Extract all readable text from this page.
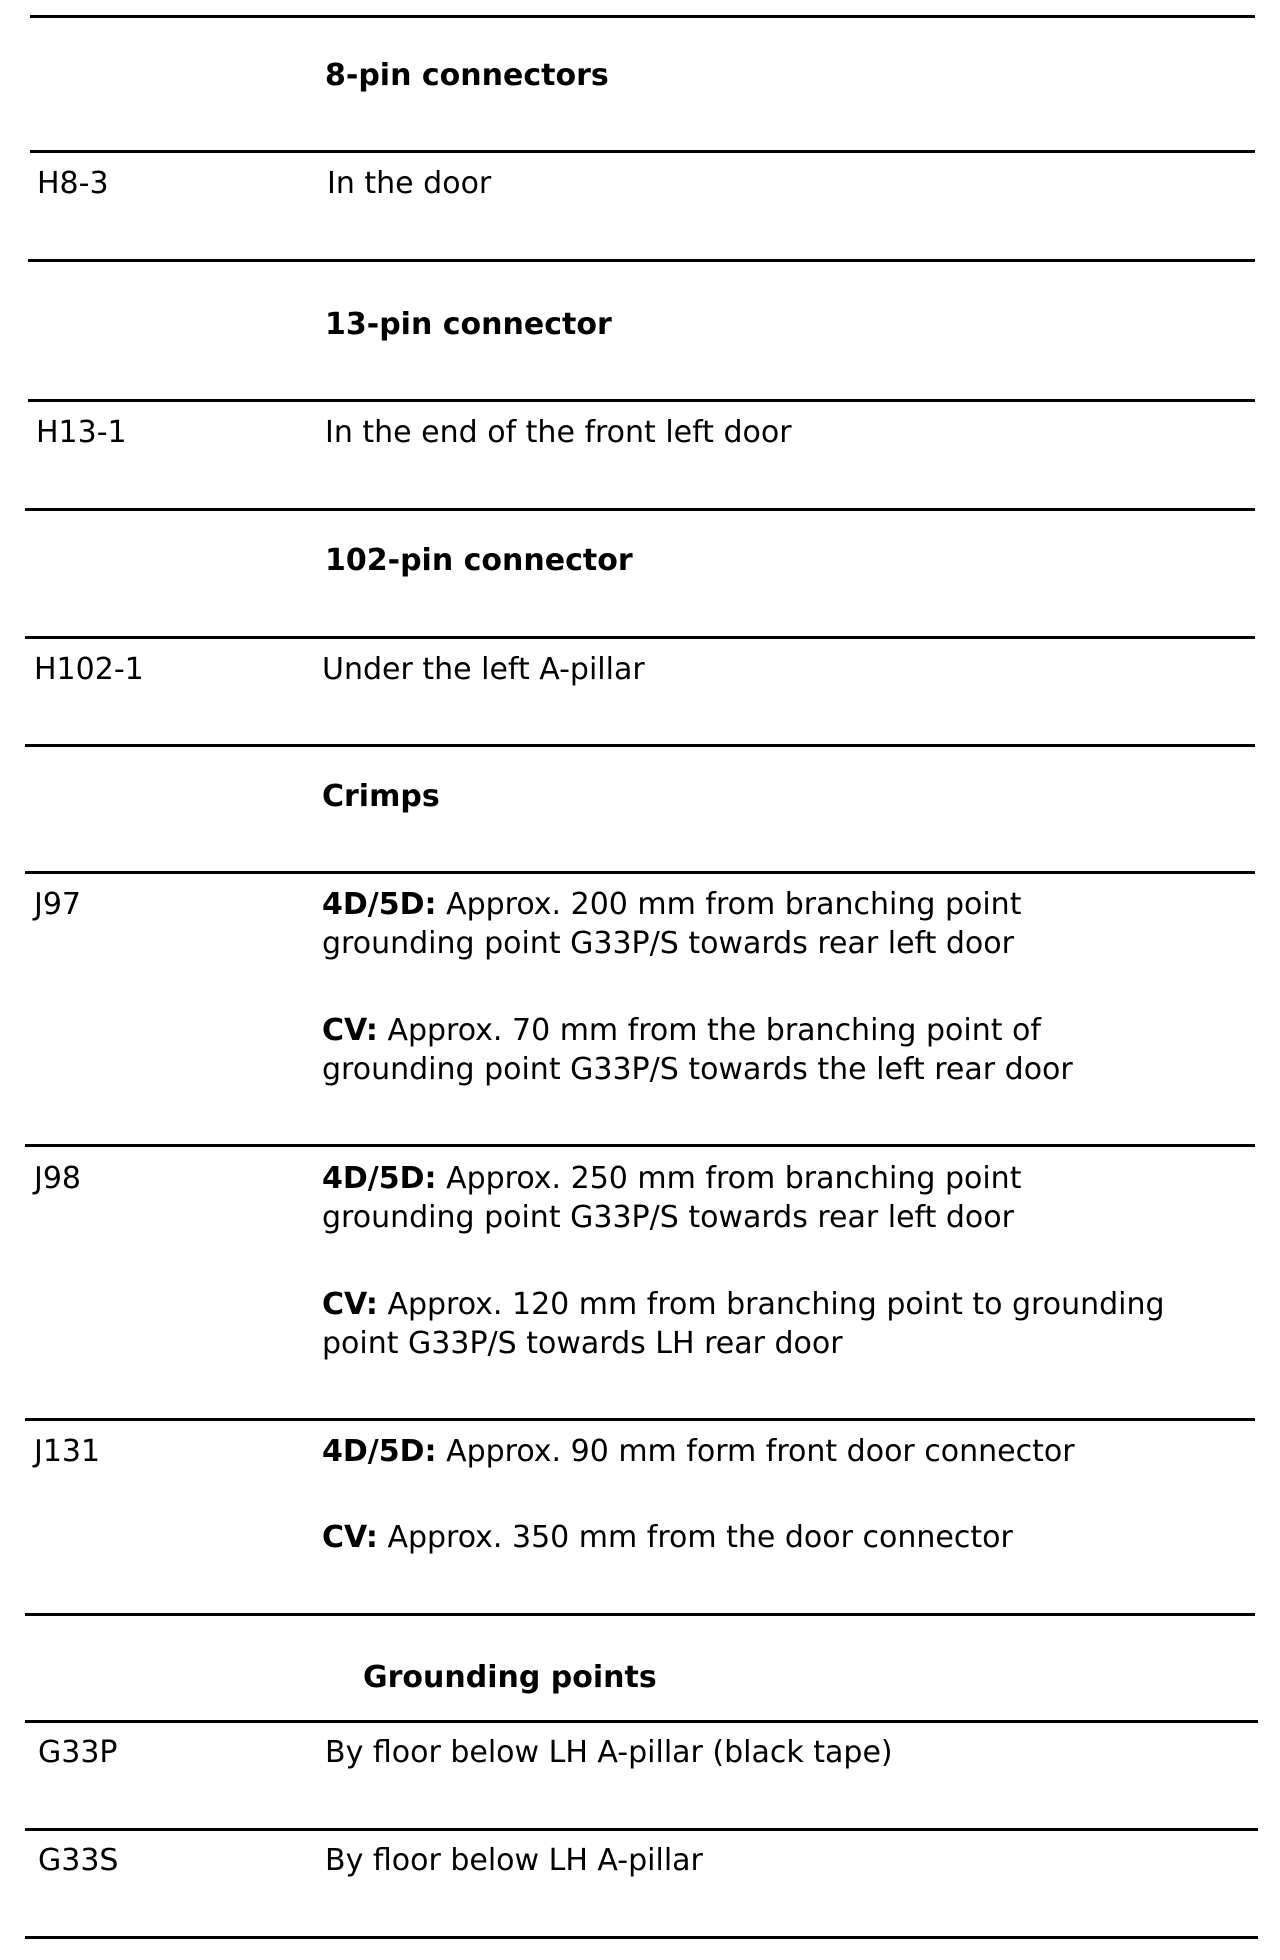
8-pin connectors
H8-3	In the door
13-pin connector
H13-1	In the end of the front left door
102-pin connector
H102-1	Under the left A-pillar
Crimps
J97	4D/5D: Approx. 200 mm from branching point
grounding point G33P/S towards rear left door
CV: Approx. 70 mm from the branching point of
grounding point G33P/S towards the left rear door
J98	4D/5D: Approx. 250 mm from branching point
grounding point G33P/S towards rear left door
CV: Approx. 120 mm from branching point to grounding
point G33P/S towards LH rear door
J131	4D/5D: Approx. 90 mm form front door connector
CV: Approx. 350 mm from the door connector
Grounding points
G33P	By floor below LH A-pillar (black tape)
G33S	By floor below LH A-pillar
